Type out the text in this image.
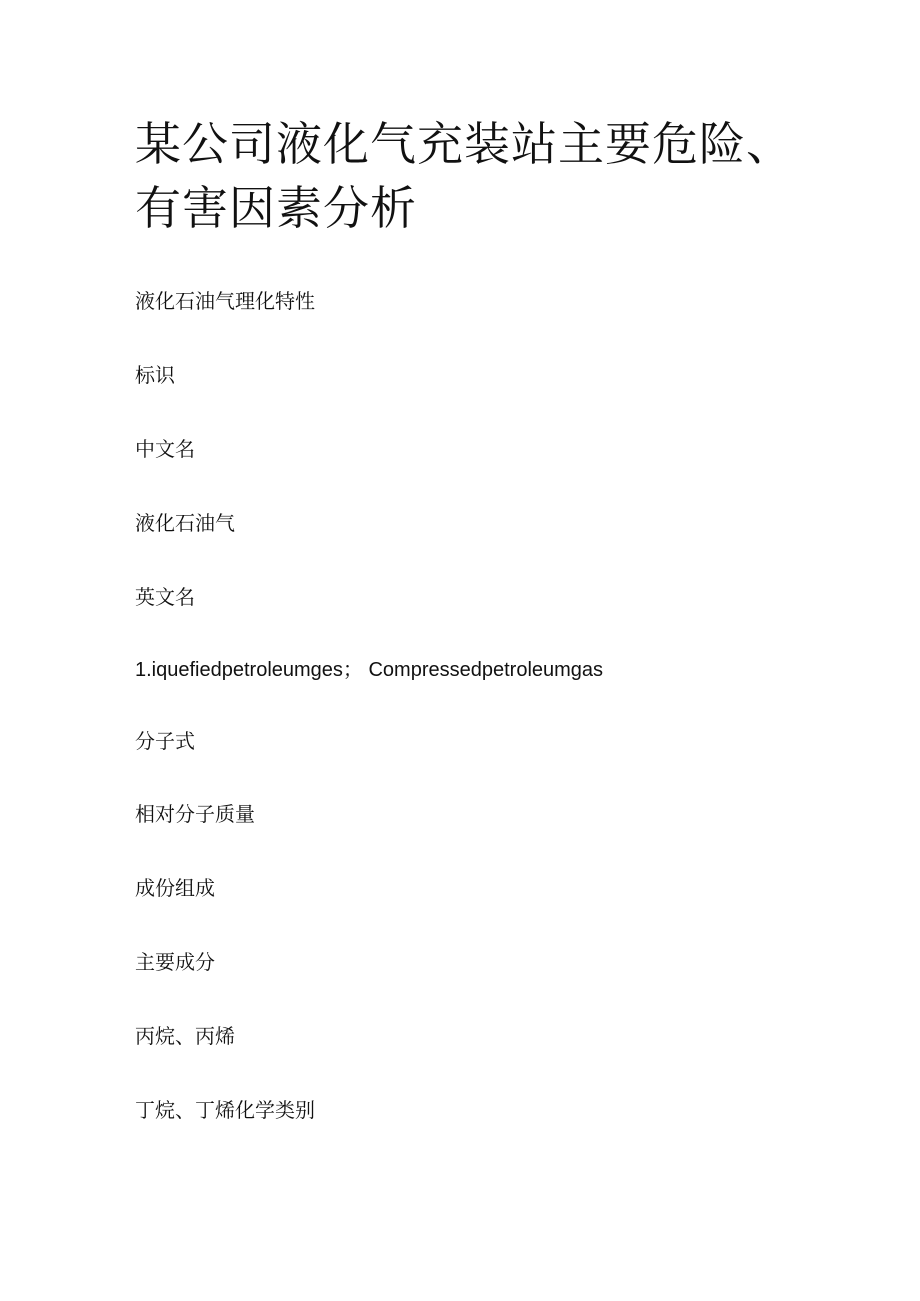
某公司液化气充装站主要危险、有害因素分析

液化石油气理化特性

标识

中文名

液化石油气

英文名

1.iquefiedpetroleumges； Compressedpetroleumgas

分子式

相对分子质量

成份组成

主要成分

丙烷、丙烯

丁烷、丁烯化学类别
